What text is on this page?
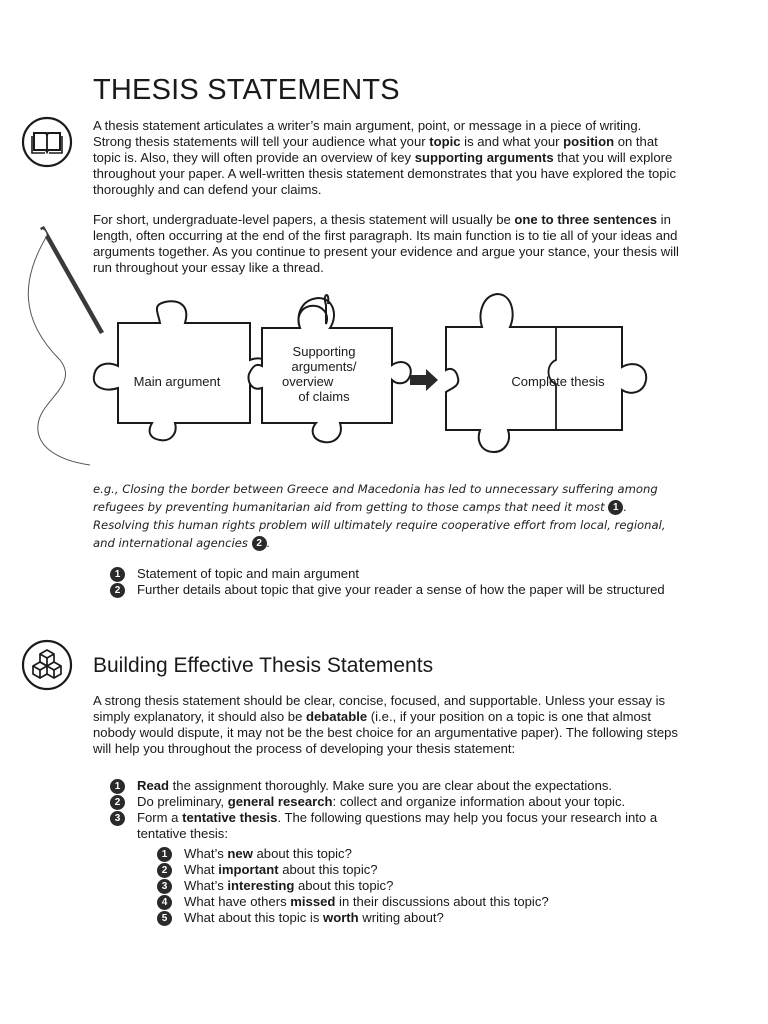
THESIS STATEMENTS

A thesis statement articulates a writer’s main argument, point, or message in a piece of writing. Strong thesis statements will tell your audience what your topic is and what your position on that topic is. Also, they will often provide an overview of key supporting arguments that you will explore throughout your paper. A well-written thesis statement demonstrates that you have explored the topic thoroughly and can defend your claims.

For short, undergraduate-level papers, a thesis statement will usually be one to three sentences in length, often occurring at the end of the first paragraph. Its main function is to tie all of your ideas and arguments together. As you continue to present your evidence and argue your stance, your thesis will run throughout your essay like a thread.

Main argument
Supporting
arguments/
overview
of claims
Complete thesis

e.g., Closing the border between Greece and Macedonia has led to unnecessary suffering among refugees by preventing humanitarian aid from getting to those camps that need it most 1 . Resolving this human rights problem will ultimately require cooperative effort from local, regional, and international agencies 2 .

1	Statement of topic and main argument
2	Further details about topic that give your reader a sense of how the paper will be structured
Building Effective Thesis Statements

A strong thesis statement should be clear, concise, focused, and supportable. Unless your essay is simply explanatory, it should also be debatable (i.e., if your position on a topic is one that almost nobody would dispute, it may not be the best choice for an argumentative paper). The following steps will help you throughout the process of developing your thesis statement:

1	Read the assignment thoroughly. Make sure you are clear about the expectations.
2	Do preliminary, general research: collect and organize information about your topic.
3	Form a tentative thesis. The following questions may help you focus your research into a tentative thesis:
1	What’s new about this topic?
2	What important about this topic?
3	What’s interesting about this topic?
4	What have others missed in their discussions about this topic?
5	What about this topic is worth writing about?
